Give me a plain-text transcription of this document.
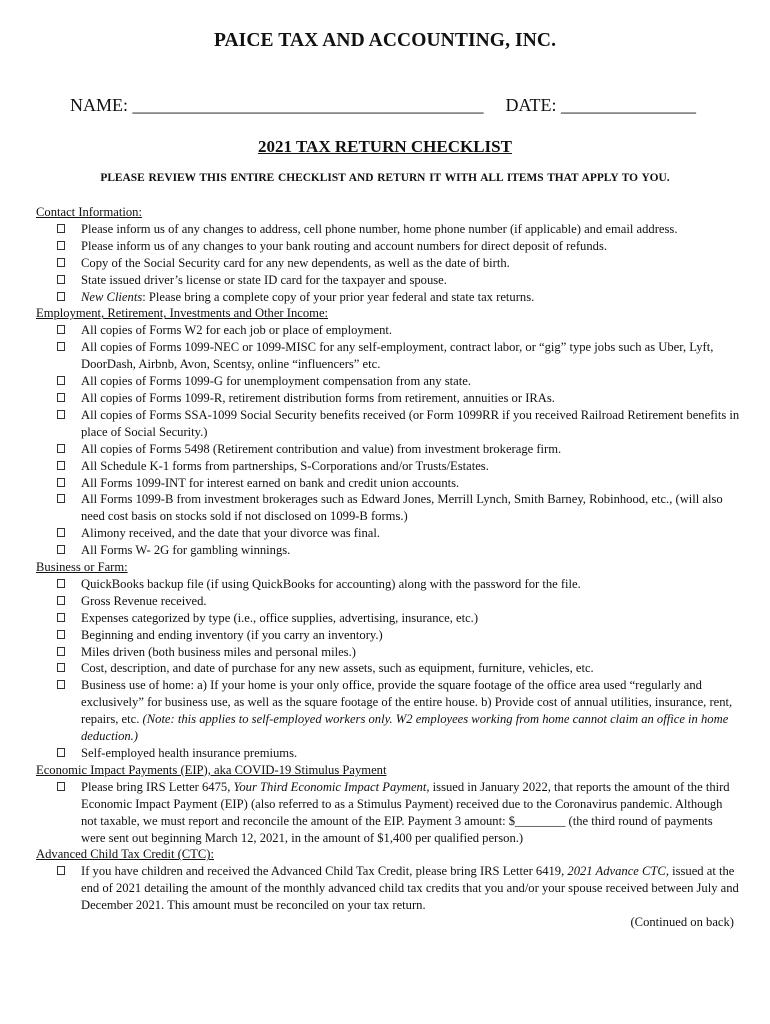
PAICE TAX AND ACCOUNTING, INC.
NAME: _______________________________________ DATE: _______________
2021 TAX RETURN CHECKLIST
PLEASE REVIEW THIS ENTIRE CHECKLIST AND RETURN IT WITH ALL ITEMS THAT APPLY TO YOU.
Contact Information:
Please inform us of any changes to address, cell phone number, home phone number (if applicable) and email address.
Please inform us of any changes to your bank routing and account numbers for direct deposit of refunds.
Copy of the Social Security card for any new dependents, as well as the date of birth.
State issued driver’s license or state ID card for the taxpayer and spouse.
New Clients: Please bring a complete copy of your prior year federal and state tax returns.
Employment, Retirement, Investments and Other Income:
All copies of Forms W2 for each job or place of employment.
All copies of Forms 1099-NEC or 1099-MISC for any self-employment, contract labor, or “gig” type jobs such as Uber, Lyft, DoorDash, Airbnb, Avon, Scentsy, online “influencers” etc.
All copies of Forms 1099-G for unemployment compensation from any state.
All copies of Forms 1099-R, retirement distribution forms from retirement, annuities or IRAs.
All copies of Forms SSA-1099 Social Security benefits received (or Form 1099RR if you received Railroad Retirement benefits in place of Social Security.)
All copies of Forms 5498 (Retirement contribution and value) from investment brokerage firm.
All Schedule K-1 forms from partnerships, S-Corporations and/or Trusts/Estates.
All Forms 1099-INT for interest earned on bank and credit union accounts.
All Forms 1099-B from investment brokerages such as Edward Jones, Merrill Lynch, Smith Barney, Robinhood, etc., (will also need cost basis on stocks sold if not disclosed on 1099-B forms.)
Alimony received, and the date that your divorce was final.
All Forms W- 2G for gambling winnings.
Business or Farm:
QuickBooks backup file (if using QuickBooks for accounting) along with the password for the file.
Gross Revenue received.
Expenses categorized by type (i.e., office supplies, advertising, insurance, etc.)
Beginning and ending inventory (if you carry an inventory.)
Miles driven (both business miles and personal miles.)
Cost, description, and date of purchase for any new assets, such as equipment, furniture, vehicles, etc.
Business use of home: a) If your home is your only office, provide the square footage of the office area used “regularly and exclusively” for business use, as well as the square footage of the entire house. b) Provide cost of annual utilities, insurance, rent, repairs, etc. (Note: this applies to self-employed workers only. W2 employees working from home cannot claim an office in home deduction.)
Self-employed health insurance premiums.
Economic Impact Payments (EIP), aka COVID-19 Stimulus Payment
Please bring IRS Letter 6475, Your Third Economic Impact Payment, issued in January 2022, that reports the amount of the third Economic Impact Payment (EIP) (also referred to as a Stimulus Payment) received due to the Coronavirus pandemic. Although not taxable, we must report and reconcile the amount of the EIP. Payment 3 amount: $________ (the third round of payments were sent out beginning March 12, 2021, in the amount of $1,400 per qualified person.)
Advanced Child Tax Credit (CTC):
If you have children and received the Advanced Child Tax Credit, please bring IRS Letter 6419, 2021 Advance CTC, issued at the end of 2021 detailing the amount of the monthly advanced child tax credits that you and/or your spouse received between July and December 2021. This amount must be reconciled on your tax return.
(Continued on back)
